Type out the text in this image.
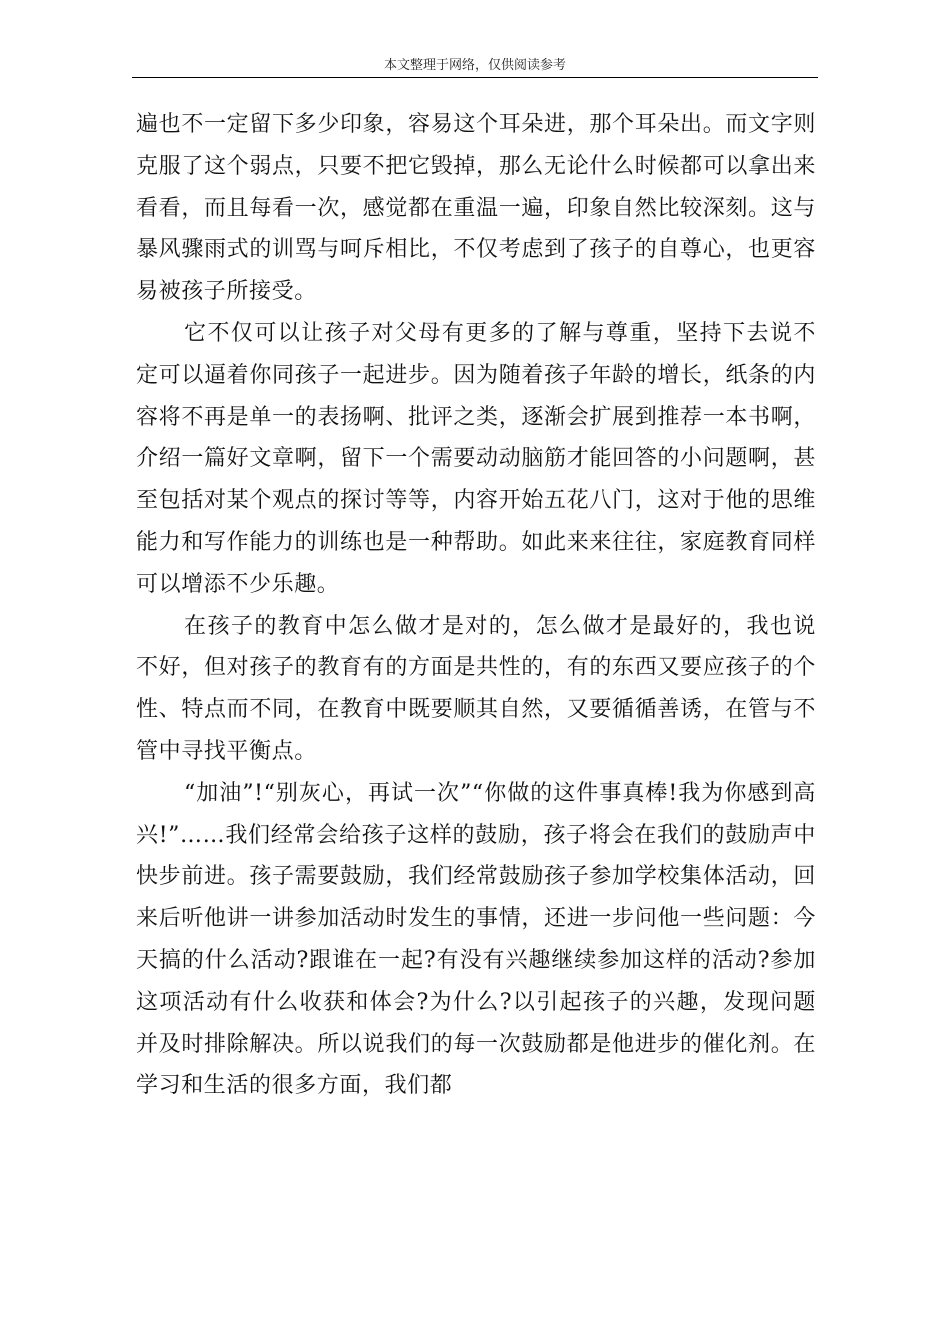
本文整理于网络，仅供阅读参考

遍也不一定留下多少印象，容易这个耳朵进，那个耳朵出。而文字则克服了这个弱点，只要不把它毁掉，那么无论什么时候都可以拿出来看看，而且每看一次，感觉都在重温一遍，印象自然比较深刻。这与暴风骤雨式的训骂与呵斥相比，不仅考虑到了孩子的自尊心，也更容易被孩子所接受。

它不仅可以让孩子对父母有更多的了解与尊重，坚持下去说不定可以逼着你同孩子一起进步。因为随着孩子年龄的增长，纸条的内容将不再是单一的表扬啊、批评之类，逐渐会扩展到推荐一本书啊，介绍一篇好文章啊，留下一个需要动动脑筋才能回答的小问题啊，甚至包括对某个观点的探讨等等，内容开始五花八门，这对于他的思维能力和写作能力的训练也是一种帮助。如此来来往往，家庭教育同样可以增添不少乐趣。

在孩子的教育中怎么做才是对的，怎么做才是最好的，我也说不好，但对孩子的教育有的方面是共性的，有的东西又要应孩子的个性、特点而不同，在教育中既要顺其自然，又要循循善诱，在管与不管中寻找平衡点。

“加油”!“别灰心，再试一次”“你做的这件事真棒!我为你感到高兴!”……我们经常会给孩子这样的鼓励，孩子将会在我们的鼓励声中快步前进。孩子需要鼓励，我们经常鼓励孩子参加学校集体活动，回来后听他讲一讲参加活动时发生的事情，还进一步问他一些问题：今天搞的什么活动?跟谁在一起?有没有兴趣继续参加这样的活动?参加这项活动有什么收获和体会?为什么?以引起孩子的兴趣，发现问题并及时排除解决。所以说我们的每一次鼓励都是他进步的催化剂。在学习和生活的很多方面，我们都
